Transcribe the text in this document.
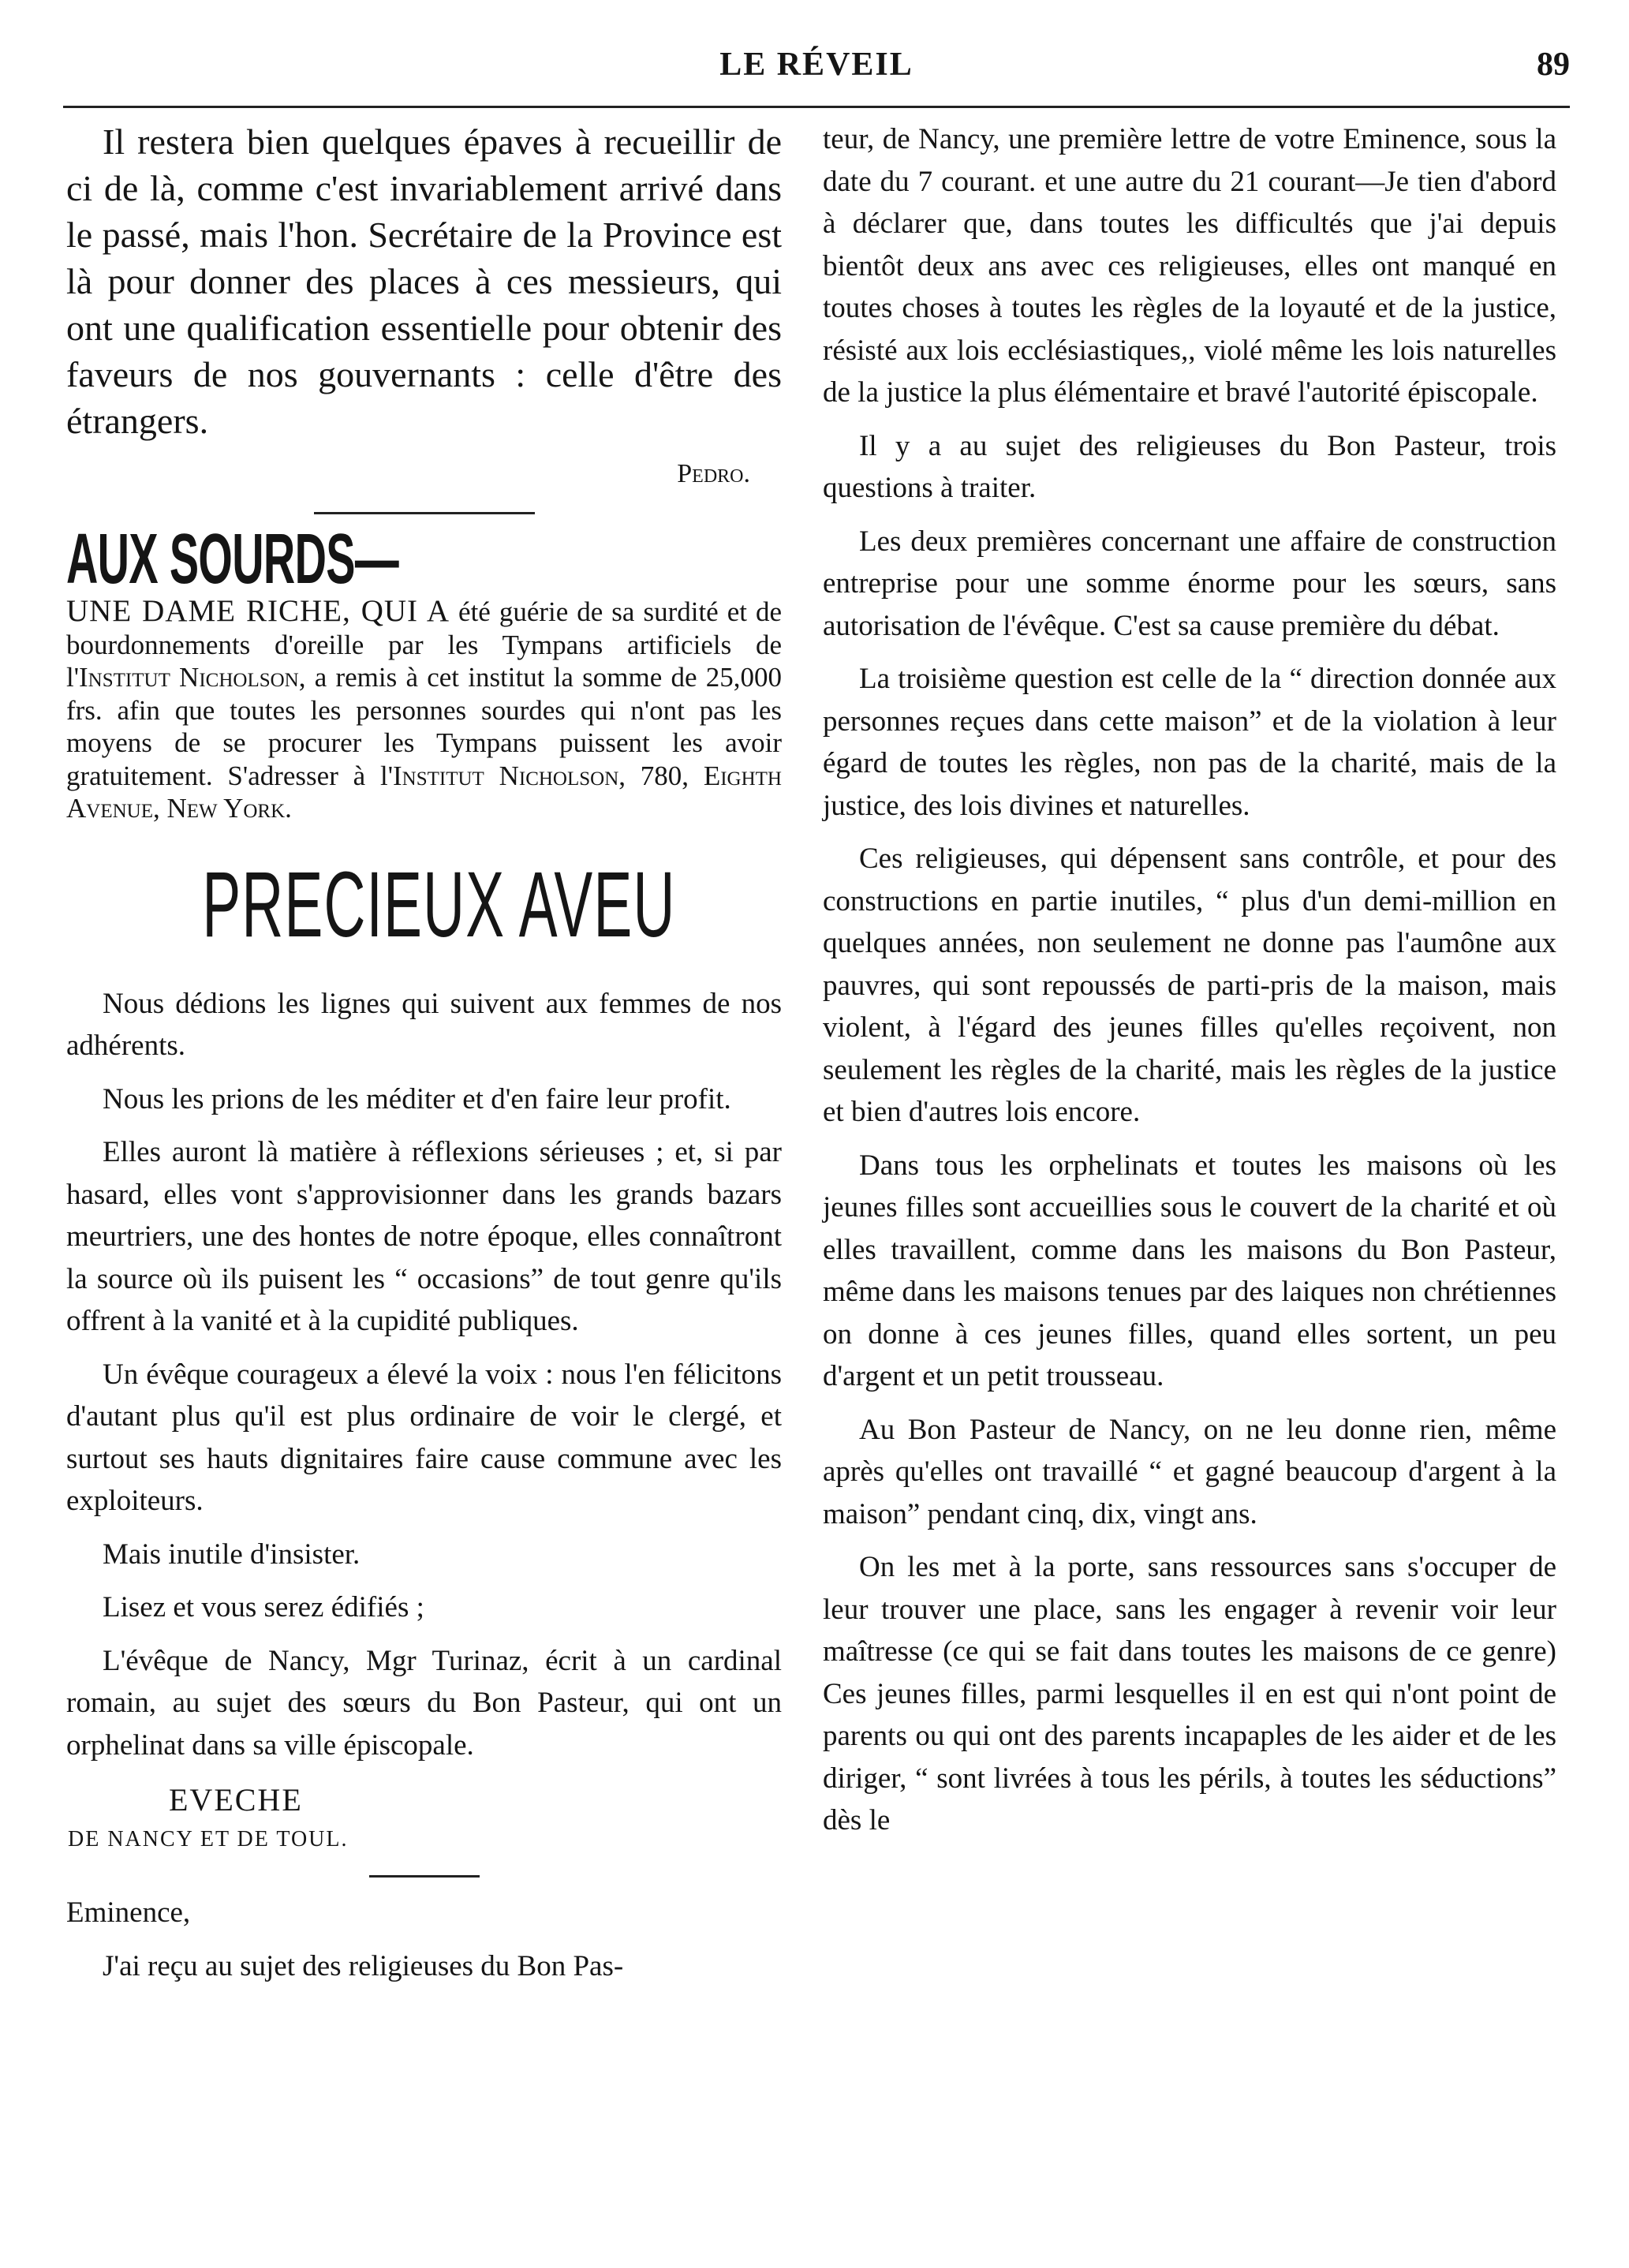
LE RÉVEIL	89

Il restera bien quelques épaves à recueillir de ci de là, comme c'est invariablement arrivé dans le passé, mais l'hon. Secrétaire de la Province est là pour donner des places à ces messieurs, qui ont une qualification essentielle pour obtenir des faveurs de nos gouvernants : celle d'être des étrangers.

Pedro.
AUX SOURDS—
UNE DAME RICHE, QUI A été guérie de sa surdité et de bourdonnements d'oreille par les Tympans artificiels de l'Institut Nicholson, a remis à cet institut la somme de 25,000 frs. afin que toutes les personnes sourdes qui n'ont pas les moyens de se procurer les Tympans puissent les avoir gratuitement. S'adresser à l'Institut Nicholson, 780, Eighth Avenue, New York.
PRECIEUX AVEU

Nous dédions les lignes qui suivent aux femmes de nos adhérents.

Nous les prions de les méditer et d'en faire leur profit.

Elles auront là matière à réflexions sérieuses ; et, si par hasard, elles vont s'approvisionner dans les grands bazars meurtriers, une des hontes de notre époque, elles connaîtront la source où ils puisent les “ occasions” de tout genre qu'ils offrent à la vanité et à la cupidité publiques.

Un évêque courageux a élevé la voix : nous l'en félicitons d'autant plus qu'il est plus ordinaire de voir le clergé, et surtout ses hauts dignitaires faire cause commune avec les exploiteurs.

Mais inutile d'insister.

Lisez et vous serez édifiés ;

L'évêque de Nancy, Mgr Turinaz, écrit à un cardinal romain, au sujet des sœurs du Bon Pasteur, qui ont un orphelinat dans sa ville épiscopale.

EVECHE
DE NANCY ET DE TOUL.

Eminence,

J'ai reçu au sujet des religieuses du Bon Pas-

teur, de Nancy, une première lettre de votre Eminence, sous la date du 7 courant. et une autre du 21 courant—Je tien d'abord à déclarer que, dans toutes les difficultés que j'ai depuis bientôt deux ans avec ces religieuses, elles ont manqué en toutes choses à toutes les règles de la loyauté et de la justice, résisté aux lois ecclésiastiques,, violé même les lois naturelles de la justice la plus élémentaire et bravé l'autorité épiscopale.

Il y a au sujet des religieuses du Bon Pasteur, trois questions à traiter.

Les deux premières concernant une affaire de construction entreprise pour une somme énorme pour les sœurs, sans autorisation de l'évêque. C'est sa cause première du débat.

La troisième question est celle de la “ direction donnée aux personnes reçues dans cette maison” et de la violation à leur égard de toutes les règles, non pas de la charité, mais de la justice, des lois divines et naturelles.

Ces religieuses, qui dépensent sans contrôle, et pour des constructions en partie inutiles, “ plus d'un demi-million en quelques années, non seulement ne donne pas l'aumône aux pauvres, qui sont repoussés de parti-pris de la maison, mais violent, à l'égard des jeunes filles qu'elles reçoivent, non seulement les règles de la charité, mais les règles de la justice et bien d'autres lois encore.

Dans tous les orphelinats et toutes les maisons où les jeunes filles sont accueillies sous le couvert de la charité et où elles travaillent, comme dans les maisons du Bon Pasteur, même dans les maisons tenues par des laiques non chrétiennes on donne à ces jeunes filles, quand elles sortent, un peu d'argent et un petit trousseau.

Au Bon Pasteur de Nancy, on ne leu donne rien, même après qu'elles ont travaillé “ et gagné beaucoup d'argent à la maison” pendant cinq, dix, vingt ans.

On les met à la porte, sans ressources sans s'occuper de leur trouver une place, sans les engager à revenir voir leur maîtresse (ce qui se fait dans toutes les maisons de ce genre) Ces jeunes filles, parmi lesquelles il en est qui n'ont point de parents ou qui ont des parents incapaples de les aider et de les diriger, “ sont livrées à tous les périls, à toutes les séductions” dès le
